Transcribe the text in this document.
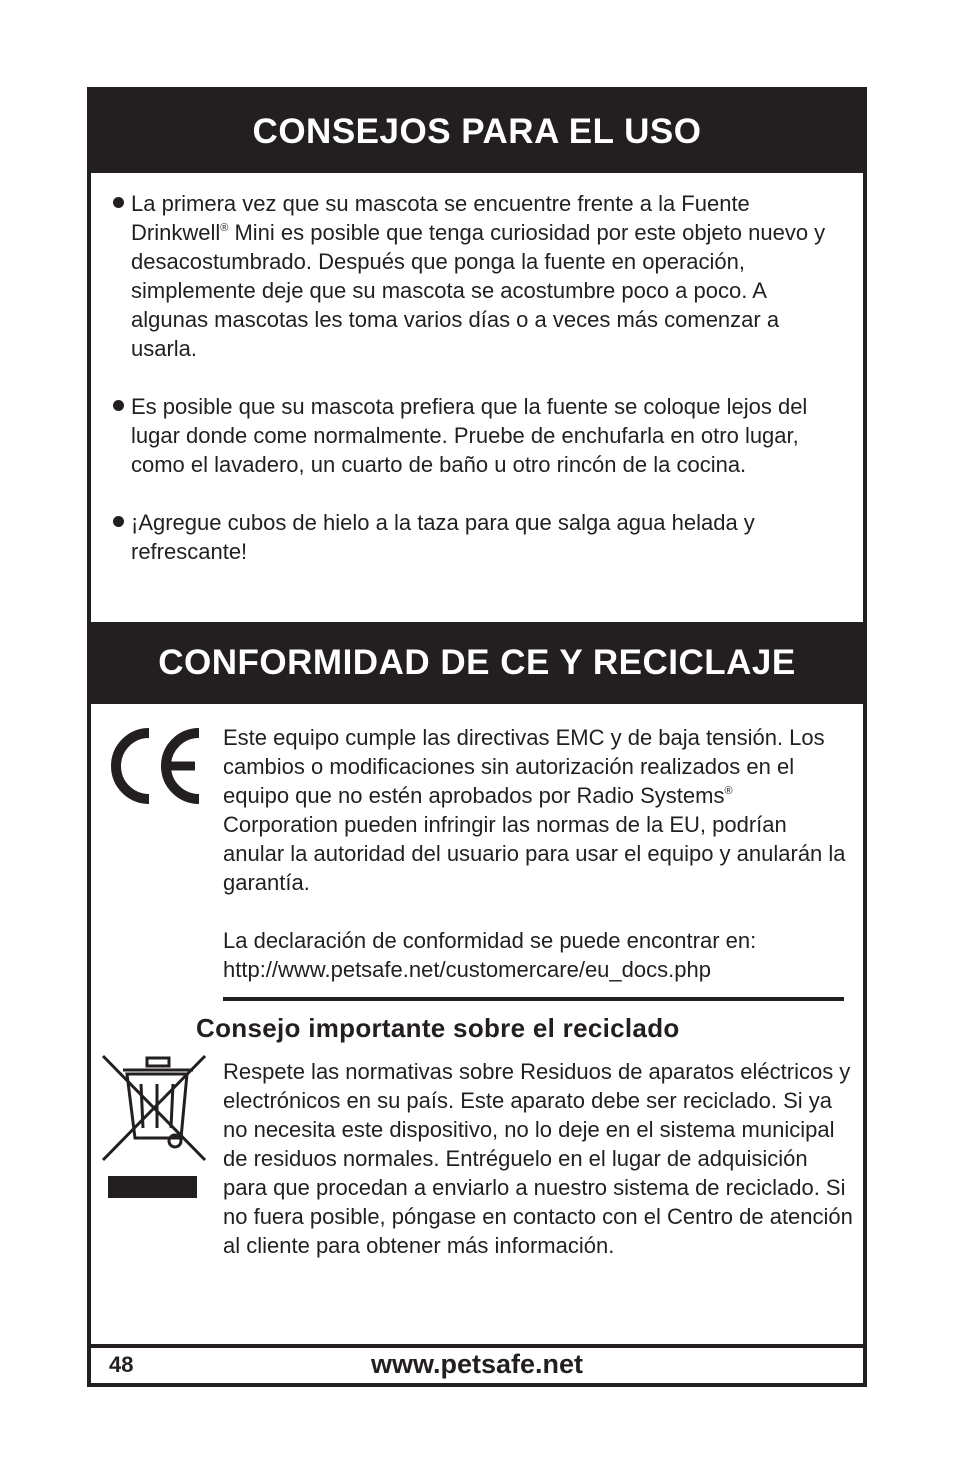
CONSEJOS PARA EL USO
La primera vez que su mascota se encuentre frente a la Fuente Drinkwell® Mini es posible que tenga curiosidad por este objeto nuevo y desacostumbrado. Después que ponga la fuente en operación, simplemente deje que su mascota se acostumbre poco a poco. A algunas mascotas les toma varios días o a veces más comenzar a usarla.
Es posible que su mascota prefiera que la fuente se coloque lejos del lugar donde come normalmente. Pruebe de enchufarla en otro lugar, como el lavadero, un cuarto de baño u otro rincón de la cocina.
¡Agregue cubos de hielo a la taza para que salga agua helada y refrescante!
CONFORMIDAD DE CE Y RECICLAJE

Este equipo cumple las directivas EMC y de baja tensión. Los cambios o modificaciones sin autorización realizados en el equipo que no estén aprobados por Radio Systems® Corporation pueden infringir las normas de la EU, podrían anular la autoridad del usuario para usar el equipo y anularán la garantía.

La declaración de conformidad se puede encontrar en: http://www.petsafe.net/customercare/eu_docs.php

Consejo importante sobre el reciclado
Respete las normativas sobre Residuos de aparatos eléctricos y electrónicos en su país. Este aparato debe ser reciclado. Si ya no necesita este dispositivo, no lo deje en el sistema municipal de residuos normales. Entréguelo en el lugar de adquisición para que procedan a enviarlo a nuestro sistema de reciclado. Si no fuera posible, póngase en contacto con el Centro de atención al cliente para obtener más información.
www.petsafe.net
48
